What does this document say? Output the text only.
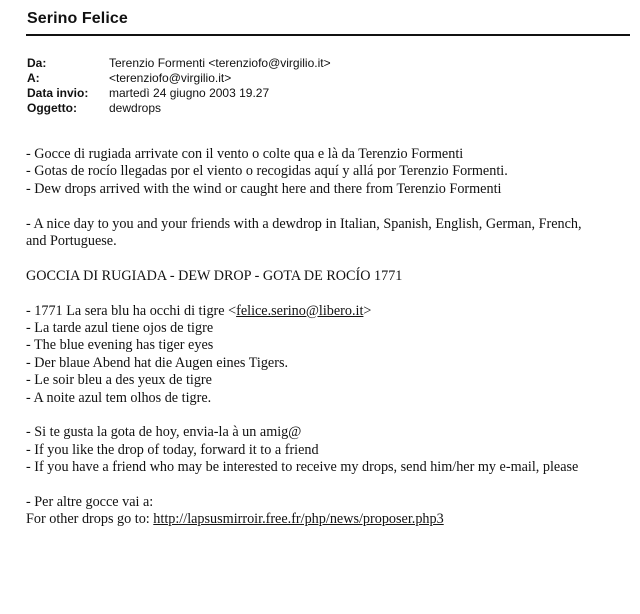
Serino Felice
Da:	Terenzio Formenti <terenziofo@virgilio.it>
A:	<terenziofo@virgilio.it>
Data invio: martedì 24 giugno 2003 19.27
Oggetto:	dewdrops
- Gocce di rugiada arrivate con il vento o colte qua e là da Terenzio Formenti
- Gotas de rocío llegadas por el viento o recogidas aquí y allá por Terenzio Formenti.
- Dew drops arrived with the wind or caught here and there from Terenzio Formenti
- A nice day to you and your friends with a dewdrop in Italian, Spanish, English, German, French,
and Portuguese.
GOCCIA DI RUGIADA - DEW DROP - GOTA DE ROCÍO 1771
- 1771 La sera blu ha occhi di tigre <felice.serino@libero.it>
- La tarde azul tiene ojos de tigre
- The blue evening has tiger eyes
- Der blaue Abend hat die Augen eines Tigers.
- Le soir bleu a des yeux de tigre
- A noite azul tem olhos de tigre.
- Si te gusta la gota de hoy, envia-la à un amig@
- If you like the drop of today, forward it to a friend
- If you have a friend who may be interested to receive my drops, send him/her my e-mail, please
- Per altre gocce vai a:
For other drops go to: http://lapsusmirroir.free.fr/php/news/proposer.php3
